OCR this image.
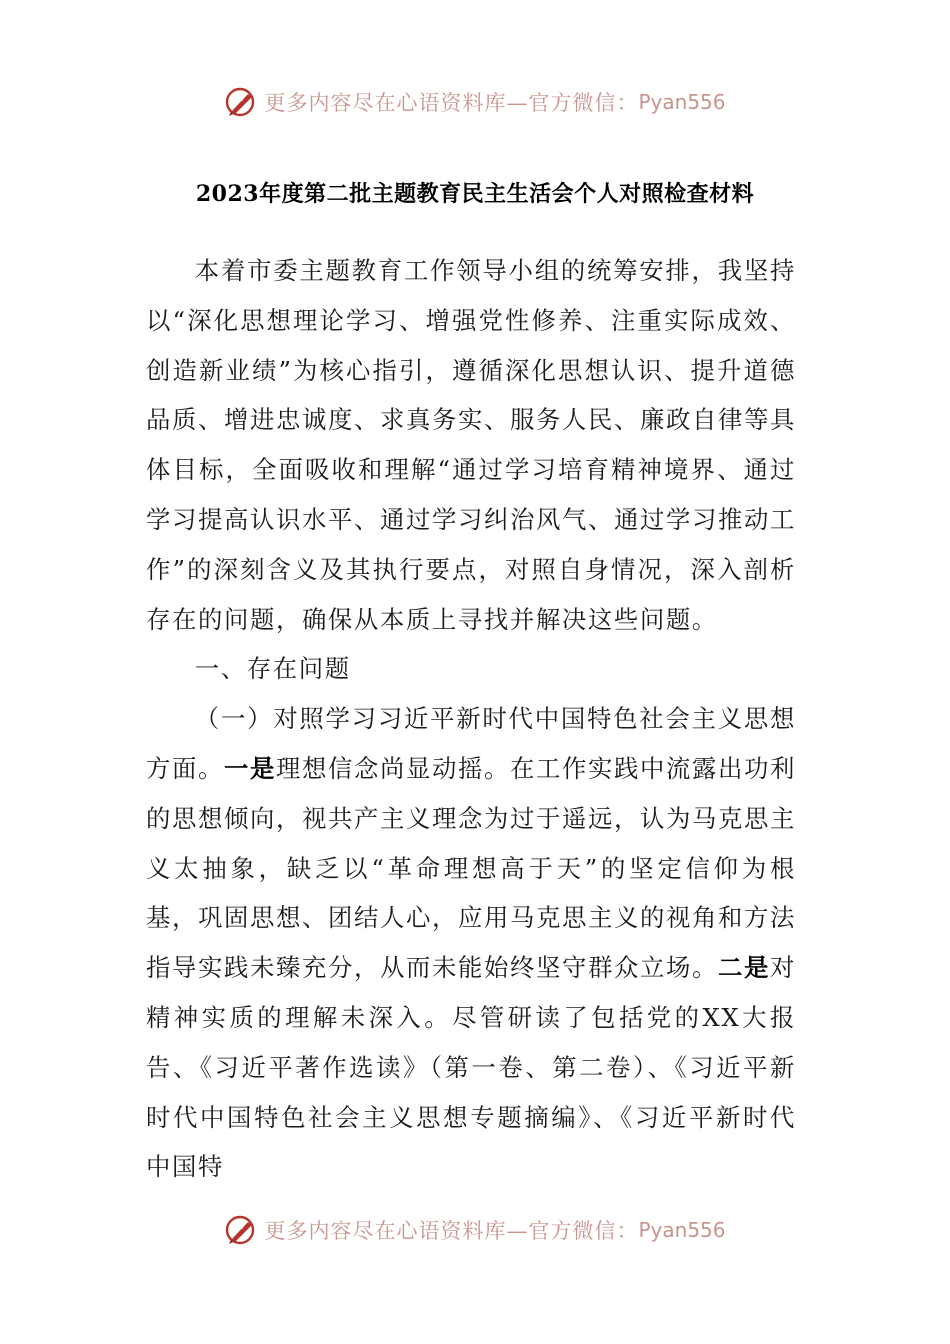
更多内容尽在心语资料库—官方微信： Pyan556
2023年度第二批主题教育民主生活会个人对照检查材料

本着市委主题教育工作领导小组的统筹安排，我坚持以“深化思想理论学习、增强党性修养、注重实际成效、创造新业绩”为核心指引，遵循深化思想认识、提升道德品质、增进忠诚度、求真务实、服务人民、廉政自律等具体目标，全面吸收和理解“通过学习培育精神境界、通过学习提高认识水平、通过学习纠治风气、通过学习推动工作”的深刻含义及其执行要点，对照自身情况，深入剖析存在的问题，确保从本质上寻找并解决这些问题。

一、存在问题

（一）对照学习习近平新时代中国特色社会主义思想方面。一是理想信念尚显动摇。在工作实践中流露出功利的思想倾向，视共产主义理念为过于遥远，认为马克思主义太抽象，缺乏以“革命理想高于天”的坚定信仰为根基，巩固思想、团结人心，应用马克思主义的视角和方法指导实践未臻充分，从而未能始终坚守群众立场。二是对精神实质的理解未深入。尽管研读了包括党的XX大报告、《习近平著作选读》（第一卷、第二卷）、《习近平新时代中国特色社会主义思想专题摘编》、《习近平新时代中国特

更多内容尽在心语资料库—官方微信： Pyan556
